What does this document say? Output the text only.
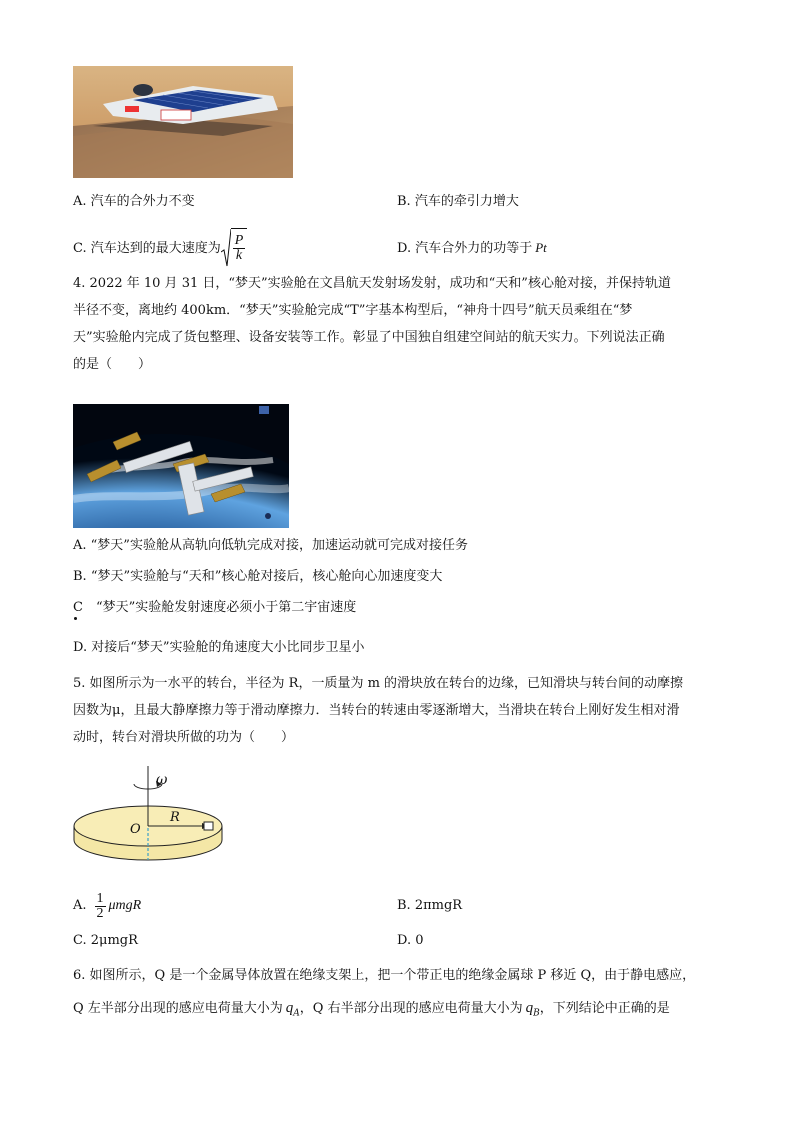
A. 汽车的合外力不变	B. 汽车的牵引力增大
C. 汽车达到的最大速度为 $\frac{P}{k}$	D. 汽车合外力的功等于 Pt
4. 2022 年 10 月 31 日，“梦天”实验舱在文昌航天发射场发射，成功和“天和”核心舱对接，并保持轨道
半径不变，离地约 400km．“梦天”实验舱完成“T”字基本构型后，“神舟十四号”航天员乘组在“梦
天”实验舱内完成了货包整理、设备安装等工作。彰显了中国独自组建空间站的航天实力。下列说法正确
的是（　　）
A. “梦天”实验舱从高轨向低轨完成对接，加速运动就可完成对接任务
B. “梦天”实验舱与“天和”核心舱对接后，核心舱向心加速度变大
C　“梦天”实验舱发射速度必须小于第二宇宙速度
D. 对接后“梦天”实验舱的角速度大小比同步卫星小
5. 如图所示为一水平的转台，半径为 R，一质量为 m 的滑块放在转台的边缘，已知滑块与转台间的动摩擦
因数为μ，且最大静摩擦力等于滑动摩擦力．当转台的转速由零逐渐增大，当滑块在转台上刚好发生相对滑
动时，转台对滑块所做的功为（　　）
ω
O
R
A. $\frac{1}{2}$ μmgR	B. 2πmgR
C. 2μmgR	D. 0
6. 如图所示，Q 是一个金属导体放置在绝缘支架上，把一个带正电的绝缘金属球 P 移近 Q，由于静电感应，
Q 左半部分出现的感应电荷量大小为 $q_A$，Q 右半部分出现的感应电荷量大小为 $q_B$，下列结论中正确的是
